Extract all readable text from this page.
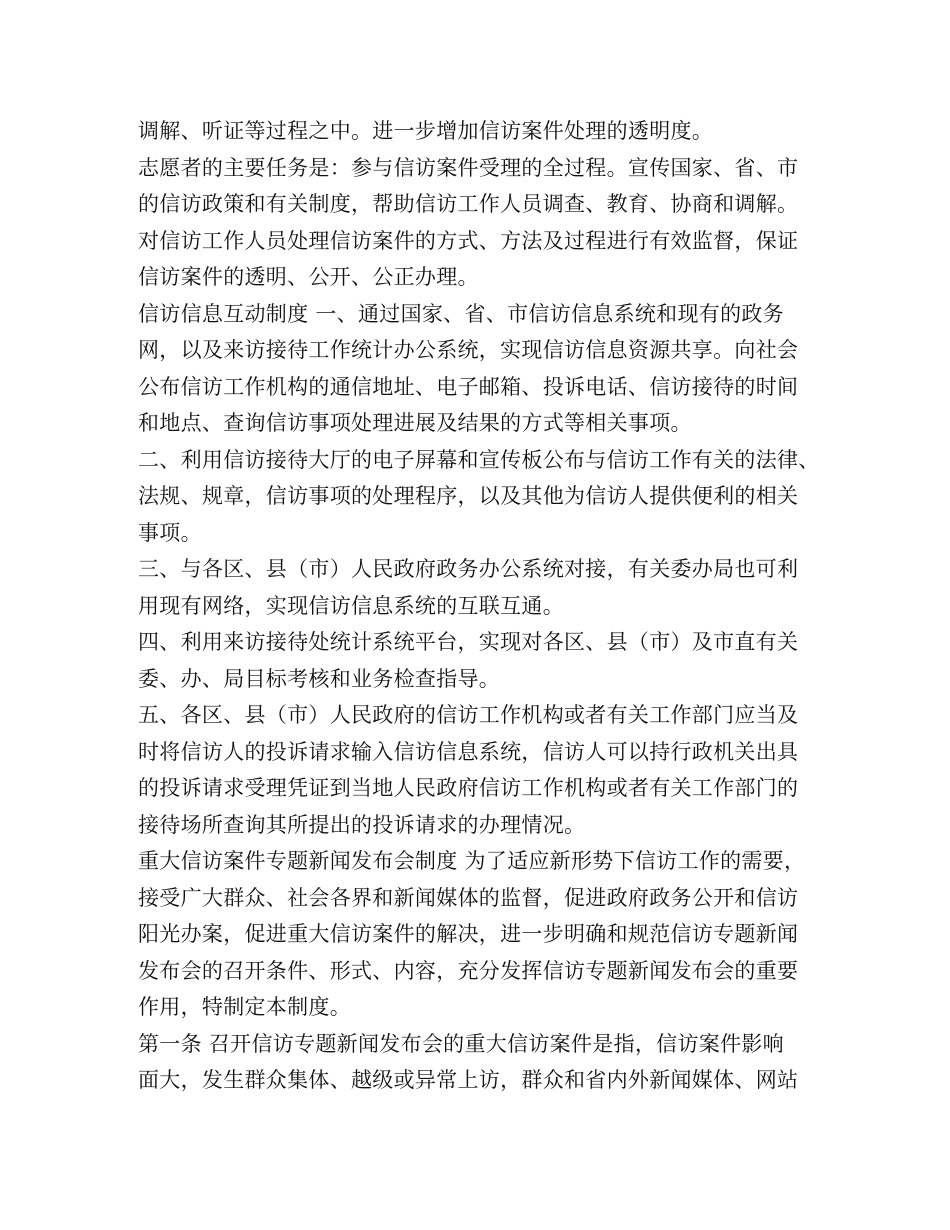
调解、听证等过程之中。进一步增加信访案件处理的透明度。
志愿者的主要任务是：参与信访案件受理的全过程。宣传国家、省、市
的信访政策和有关制度，帮助信访工作人员调查、教育、协商和调解。
对信访工作人员处理信访案件的方式、方法及过程进行有效监督，保证
信访案件的透明、公开、公正办理。
信访信息互动制度 一、通过国家、省、市信访信息系统和现有的政务
网，以及来访接待工作统计办公系统，实现信访信息资源共享。向社会
公布信访工作机构的通信地址、电子邮箱、投诉电话、信访接待的时间
和地点、查询信访事项处理进展及结果的方式等相关事项。
二、利用信访接待大厅的电子屏幕和宣传板公布与信访工作有关的法律、
法规、规章，信访事项的处理程序，以及其他为信访人提供便利的相关
事项。
三、与各区、县（市）人民政府政务办公系统对接，有关委办局也可利
用现有网络，实现信访信息系统的互联互通。
四、利用来访接待处统计系统平台，实现对各区、县（市）及市直有关
委、办、局目标考核和业务检查指导。
五、各区、县（市）人民政府的信访工作机构或者有关工作部门应当及
时将信访人的投诉请求输入信访信息系统，信访人可以持行政机关出具
的投诉请求受理凭证到当地人民政府信访工作机构或者有关工作部门的
接待场所查询其所提出的投诉请求的办理情况。
重大信访案件专题新闻发布会制度 为了适应新形势下信访工作的需要，
接受广大群众、社会各界和新闻媒体的监督，促进政府政务公开和信访
阳光办案，促进重大信访案件的解决，进一步明确和规范信访专题新闻
发布会的召开条件、形式、内容，充分发挥信访专题新闻发布会的重要
作用，特制定本制度。
第一条 召开信访专题新闻发布会的重大信访案件是指，信访案件影响
面大，发生群众集体、越级或异常上访，群众和省内外新闻媒体、网站
